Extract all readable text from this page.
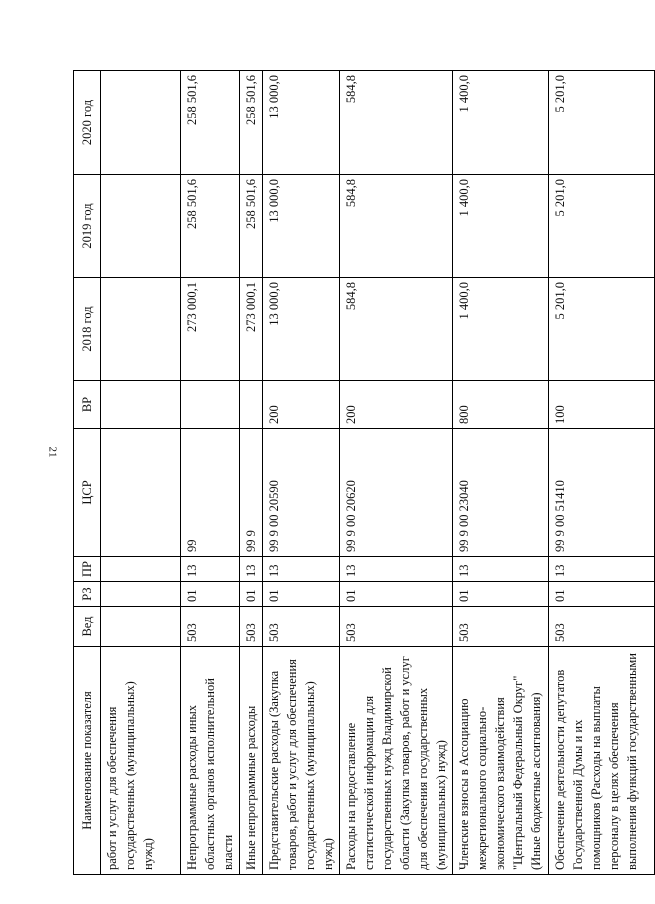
21
Наименование показателя	Вед	РЗ	ПР	ЦСР	ВР	2018 год	2019 год	2020 год
работ и услуг для обеспечения государственных (муниципальных) нужд)								
Непрограммные расходы иных областных органов исполнительной власти	503	01	13	99		273 000,1	258 501,6	258 501,6
Иные непрограммные расходы	503	01	13	99 9		273 000,1	258 501,6	258 501,6
Представительские расходы (Закупка товаров, работ и услуг для обеспечения государственных (муниципальных) нужд)	503	01	13	99 9 00 20590	200	13 000,0	13 000,0	13 000,0
Расходы на предоставление статистической информации для государственных нужд Владимирской области (Закупка товаров, работ и услуг для обеспечения государственных (муниципальных) нужд)	503	01	13	99 9 00 20620	200	584,8	584,8	584,8
Членские взносы в Ассоциацию межрегионального социально-экономического взаимодействия "Центральный Федеральный Округ" (Иные бюджетные ассигнования)	503	01	13	99 9 00 23040	800	1 400,0	1 400,0	1 400,0
Обеспечение деятельности депутатов Государственной Думы и их помощников (Расходы на выплаты персоналу в целях обеспечения выполнения функций государственными	503	01	13	99 9 00 51410	100	5 201,0	5 201,0	5 201,0
